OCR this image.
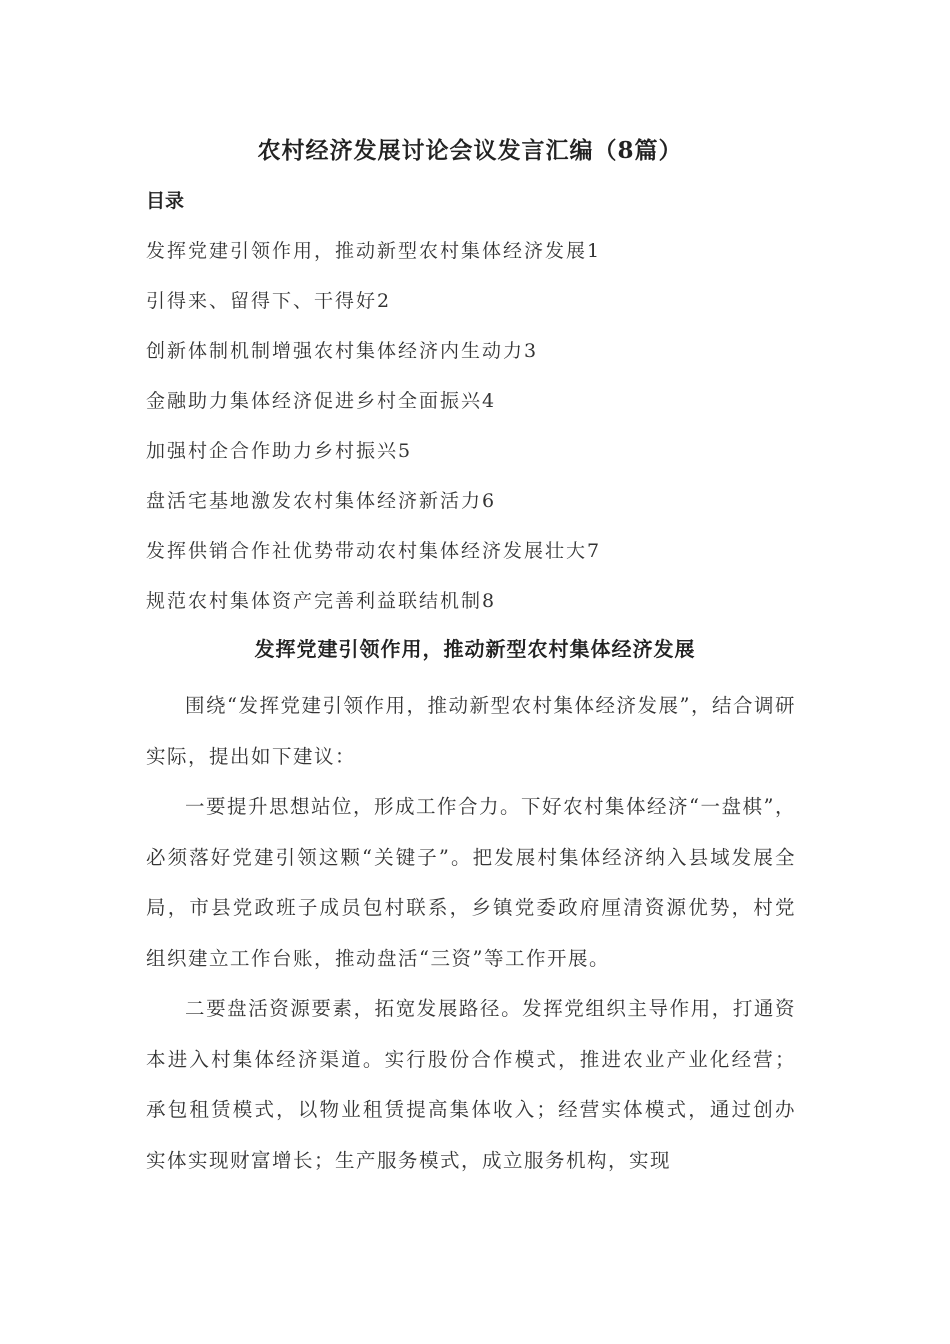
农村经济发展讨论会议发言汇编（8篇）
目录
发挥党建引领作用，推动新型农村集体经济发展1
引得来、留得下、干得好2
创新体制机制增强农村集体经济内生动力3
金融助力集体经济促进乡村全面振兴4
加强村企合作助力乡村振兴5
盘活宅基地激发农村集体经济新活力6
发挥供销合作社优势带动农村集体经济发展壮大7
规范农村集体资产完善利益联结机制8
发挥党建引领作用，推动新型农村集体经济发展

围绕“发挥党建引领作用，推动新型农村集体经济发展”，结合调研实际，提出如下建议：

一要提升思想站位，形成工作合力。下好农村集体经济“一盘棋”，必须落好党建引领这颗“关键子”。把发展村集体经济纳入县域发展全局，市县党政班子成员包村联系，乡镇党委政府厘清资源优势，村党组织建立工作台账，推动盘活“三资”等工作开展。

二要盘活资源要素，拓宽发展路径。发挥党组织主导作用，打通资本进入村集体经济渠道。实行股份合作模式，推进农业产业化经营；承包租赁模式，以物业租赁提高集体收入；经营实体模式，通过创办实体实现财富增长；生产服务模式，成立服务机构，实现
